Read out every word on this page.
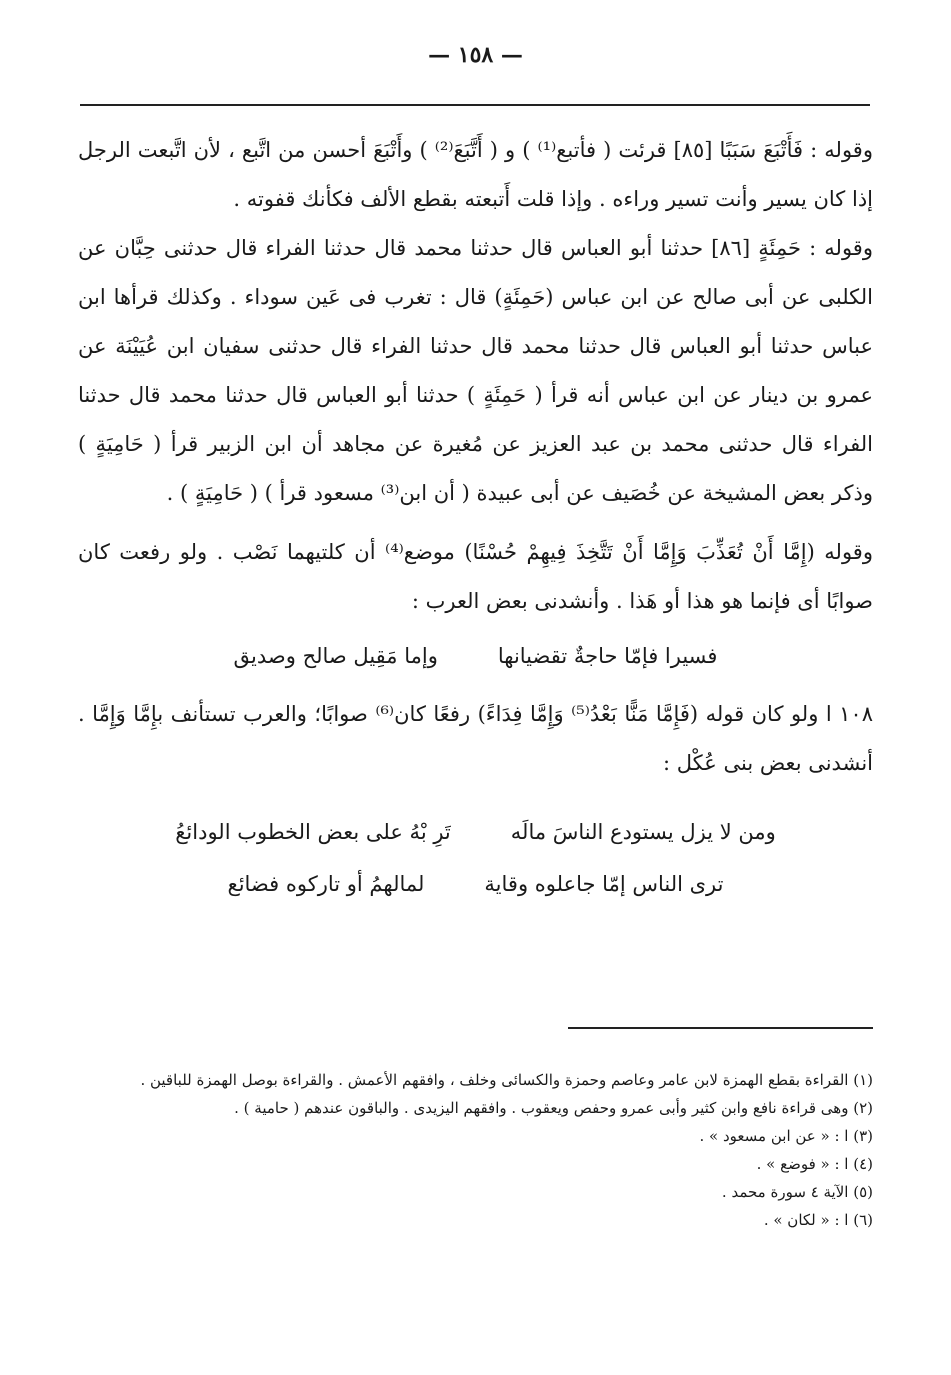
— ١٥٨ —

وقوله : فَأَتْبَعَ سَبَبًا [٨٥] قرئت ( فأتبع⁽¹⁾ ) و ( أَتَّبَعَ⁽²⁾ ) وأَتْبَعَ أحسن من اتَّبع ، لأن اتَّبعت الرجل إذا كان يسير وأنت تسير وراءه . وإذا قلت أَتبعته بقطع الألف فكأنك قفوته .

وقوله : حَمِئَةٍ [٨٦] حدثنا أبو العباس قال حدثنا محمد قال حدثنا الفراء قال حدثنى حِبَّان عن الكلبى عن أبى صالح عن ابن عباس (حَمِئَةٍ) قال : تغرب فى عَين سوداء . وكذلك قرأها ابن عباس حدثنا أبو العباس قال حدثنا محمد قال حدثنا الفراء قال حدثنى سفيان ابن عُيَيْنَة عن عمرو بن دينار عن ابن عباس أنه قرأ ( حَمِئَةٍ ) حدثنا أبو العباس قال حدثنا محمد قال حدثنا الفراء قال حدثنى محمد بن عبد العزيز عن مُغيرة عن مجاهد أن ابن الزبير قرأ ( حَامِيَةٍ ) وذكر بعض المشيخة عن خُصَيف عن أبى عبيدة ( أن ابن⁽³⁾ مسعود قرأ ) ( حَامِيَةٍ ) .

وقوله (إِمَّا أَنْ تُعَذِّبَ وَإِمَّا أَنْ تَتَّخِذَ فِيهِمْ حُسْنًا) موضع⁽⁴⁾ أن كلتيهما نَصْب . ولو رفعت كان صوابًا أى فإنما هو هذا أو هَذا . وأنشدنى بعض العرب :

فسيرا فإمّا حاجةٌ تقضيانها
وإما مَقِيل صالح وصديق

١٠٨ ا ولو كان قوله (فَإِمَّا مَنًّا بَعْدُ⁽⁵⁾ وَإِمَّا فِدَاءً) رفعًا كان⁽⁶⁾ صوابًا؛ والعرب تستأنف بإِمَّا وَإِمَّا . أنشدنى بعض بنى عُكْل :

ومن لا يزل يستودع الناسَ مالَه
تَرِ بْهُ على بعض الخطوب الودائعُ
ترى الناس إمّا جاعلوه وقاية
لمالهمُ أو تاركوه فضائع

(١) القراءة بقطع الهمزة لابن عامر وعاصم وحمزة والكسائى وخلف ، وافقهم الأعمش . والقراءة بوصل الهمزة للباقين .

(٢) وهى قراءة نافع وابن كثير وأبى عمرو وحفص ويعقوب . وافقهم اليزيدى . والباقون عندهم ( حامية ) .

(٣) ا : « عن ابن مسعود » .

(٤) ا : « فوضع » .

(٥) الآية ٤ سورة محمد .

(٦) ا : « لكان » .
